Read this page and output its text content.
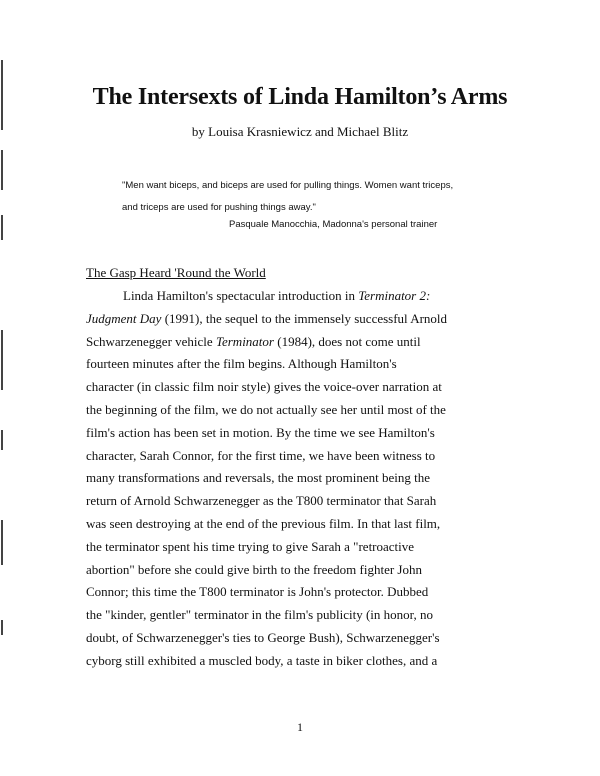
The Intersexts of Linda Hamilton’s Arms
by Louisa Krasniewicz and Michael Blitz
"Men want biceps, and biceps are used for pulling things. Women want triceps,
and triceps are used for pushing things away."
Pasquale Manocchia, Madonna's personal trainer
The Gasp Heard 'Round the World
Linda Hamilton's spectacular introduction in Terminator 2:
Judgment Day (1991), the sequel to the immensely successful Arnold
Schwarzenegger vehicle Terminator (1984), does not come until
fourteen minutes after the film begins. Although Hamilton's
character (in classic film noir style) gives the voice-over narration at
the beginning of the film, we do not actually see her until most of the
film's action has been set in motion. By the time we see Hamilton's
character, Sarah Connor, for the first time, we have been witness to
many transformations and reversals, the most prominent being the
return of Arnold Schwarzenegger as the T800 terminator that Sarah
was seen destroying at the end of the previous film. In that last film,
the terminator spent his time trying to give Sarah a "retroactive
abortion" before she could give birth to the freedom fighter John
Connor; this time the T800 terminator is John's protector. Dubbed
the "kinder, gentler" terminator in the film's publicity (in honor, no
doubt, of Schwarzenegger's ties to George Bush), Schwarzenegger's
cyborg still exhibited a muscled body, a taste in biker clothes, and a
1
